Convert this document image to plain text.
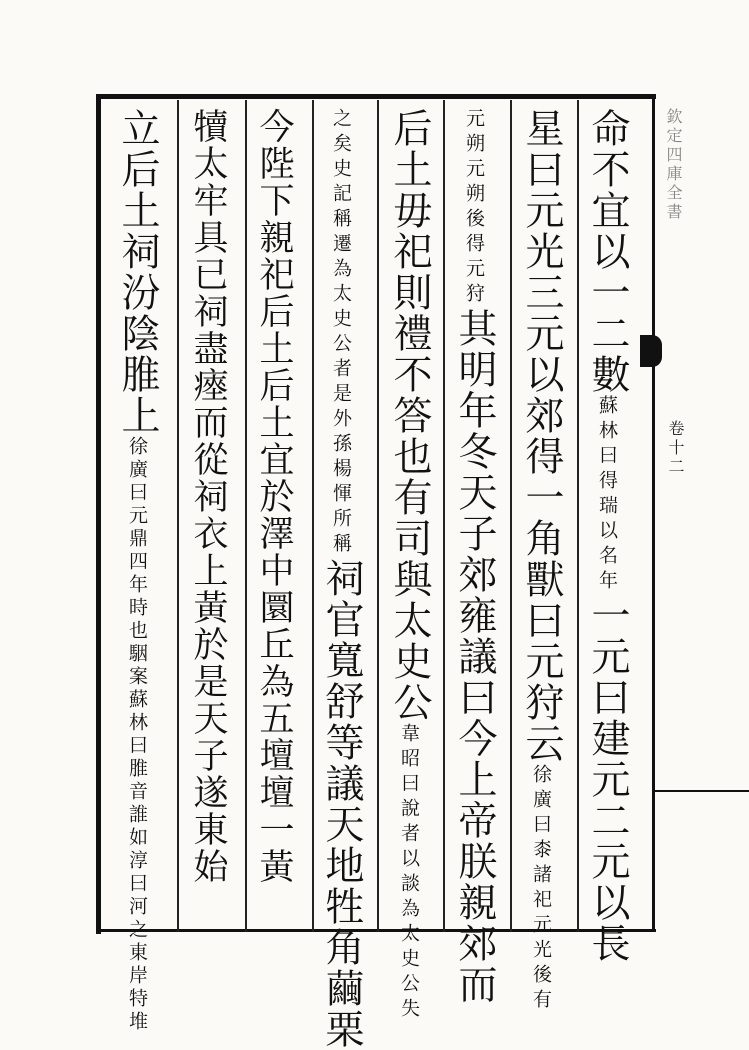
欽定四庫全書
卷十二
命不宜以一二數蘇林曰得瑞以名年一元曰建元二元以長
星曰元光三元以郊得一角獸曰元狩云徐廣曰桼諸祀元光後有
元朔元朔後得元狩其明年冬天子郊雍議曰今上帝朕親郊而
后土毋祀則禮不答也有司與太史公韋昭曰說者以談為太史公失
之矣史記稱遷為太史公者是外孫楊惲所稱祠官寬舒等議天地牲角繭栗
今陛下親祀后土后土宜於澤中圜丘為五壇壇一黃
犢太牢具已祠盡瘞而從祠衣上黃於是天子遂東始
立后土祠汾陰脽上徐廣曰元鼎四年時也駰案蘇林曰脽音誰如淳曰河之東岸特堆
